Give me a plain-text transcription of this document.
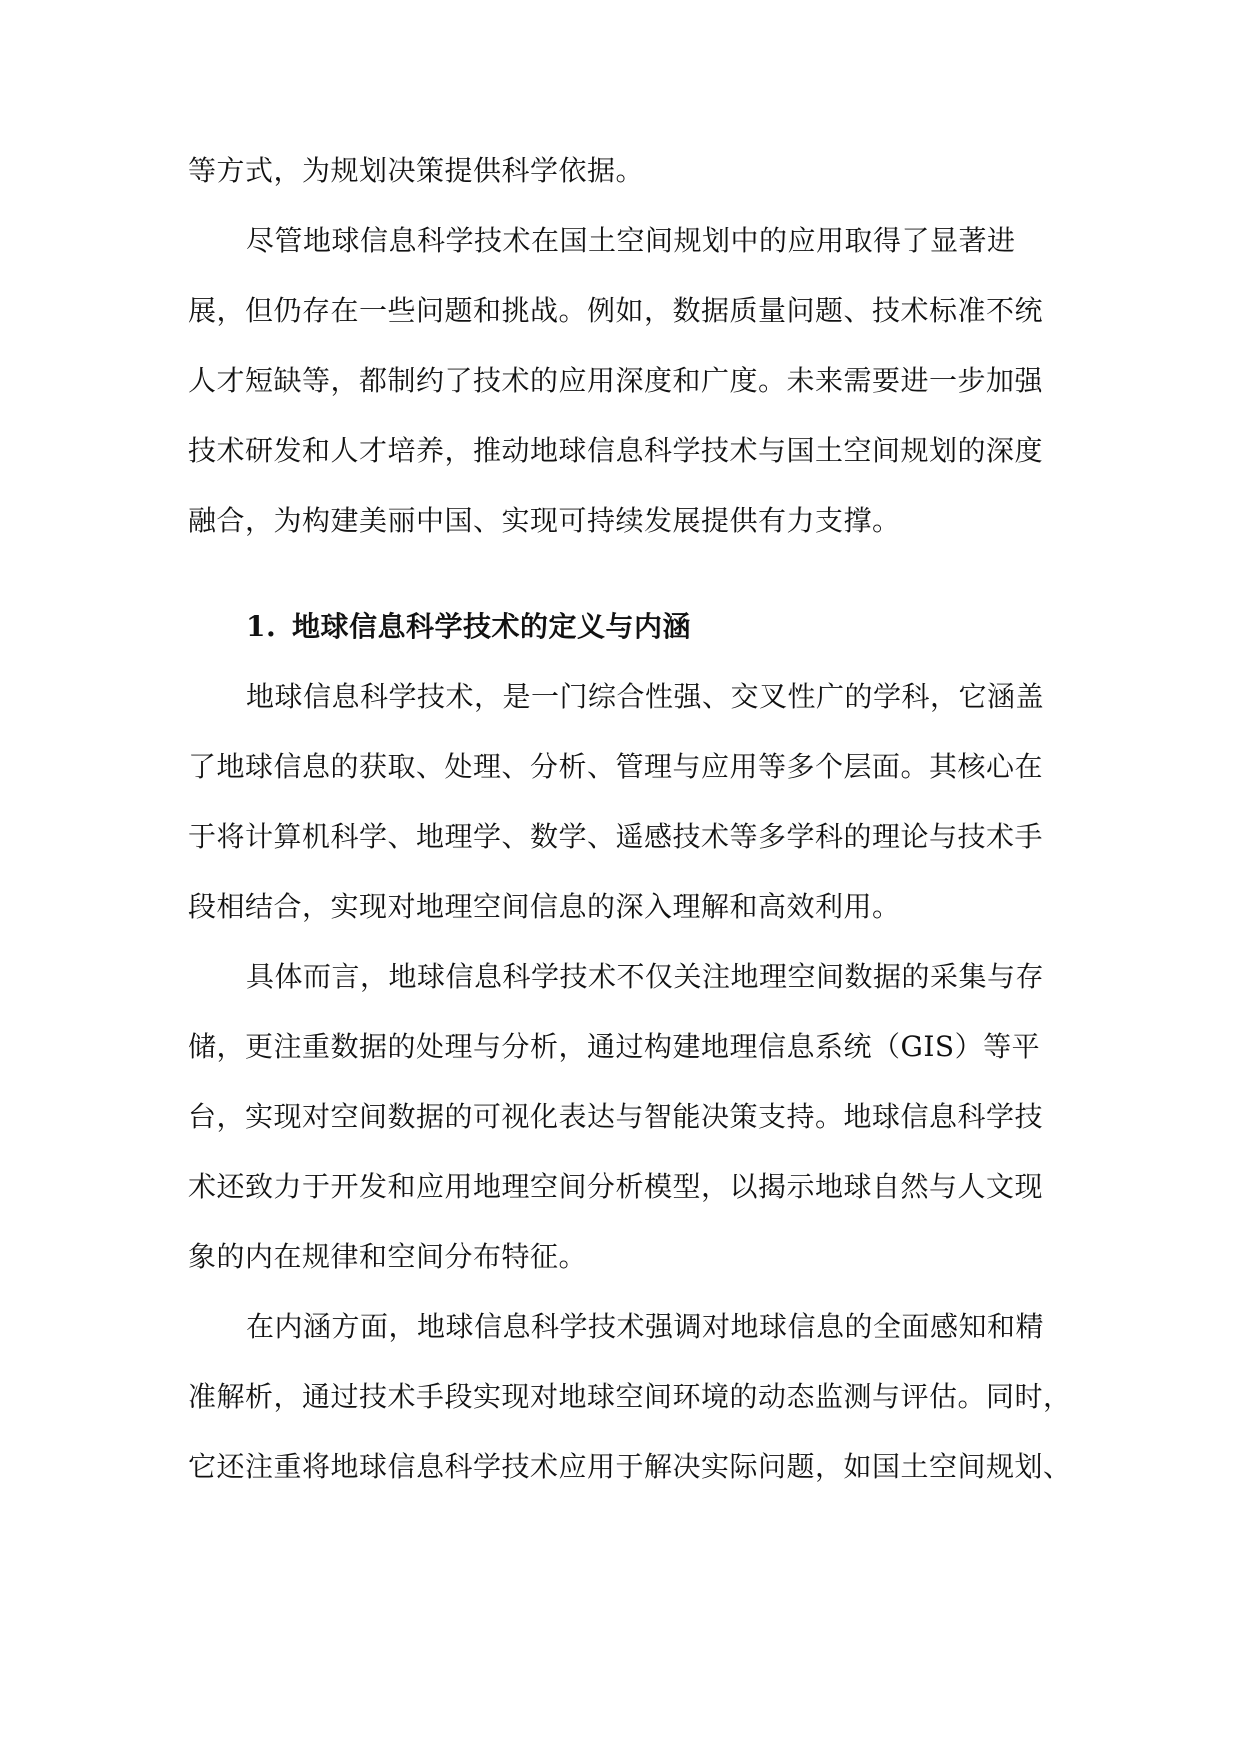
等方式，为规划决策提供科学依据。
尽管地球信息科学技术在国土空间规划中的应用取得了显著进
展，但仍存在一些问题和挑战。例如，数据质量问题、技术标准不统
人才短缺等，都制约了技术的应用深度和广度。未来需要进一步加强
技术研发和人才培养，推动地球信息科学技术与国土空间规划的深度
融合，为构建美丽中国、实现可持续发展提供有力支撑。
1. 地球信息科学技术的定义与内涵
地球信息科学技术，是一门综合性强、交叉性广的学科，它涵盖
了地球信息的获取、处理、分析、管理与应用等多个层面。其核心在
于将计算机科学、地理学、数学、遥感技术等多学科的理论与技术手
段相结合，实现对地理空间信息的深入理解和高效利用。
具体而言，地球信息科学技术不仅关注地理空间数据的采集与存
储，更注重数据的处理与分析，通过构建地理信息系统（GIS）等平
台，实现对空间数据的可视化表达与智能决策支持。地球信息科学技
术还致力于开发和应用地理空间分析模型，以揭示地球自然与人文现
象的内在规律和空间分布特征。
在内涵方面，地球信息科学技术强调对地球信息的全面感知和精
准解析，通过技术手段实现对地球空间环境的动态监测与评估。同时，
它还注重将地球信息科学技术应用于解决实际问题，如国土空间规划、
